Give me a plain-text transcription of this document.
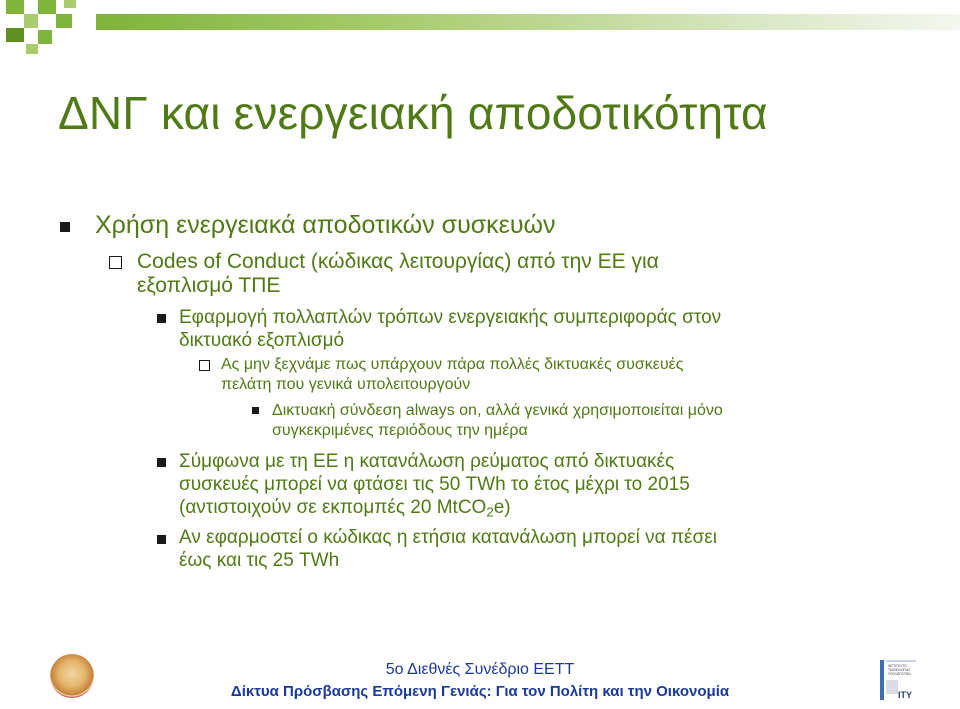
ΔΝΓ και ενεργειακή αποδοτικότητα
Χρήση ενεργειακά αποδοτικών συσκευών
Codes of Conduct (κώδικας λειτουργίας) από την ΕΕ για
εξοπλισμό ΤΠΕ
Εφαρμογή πολλαπλών τρόπων ενεργειακής συμπεριφοράς στον
δικτυακό εξοπλισμό
Ας μην ξεχνάμε πως υπάρχουν πάρα πολλές δικτυακές συσκευές
πελάτη που γενικά υπολειτουργούν
Δικτυακή σύνδεση always on, αλλά γενικά χρησιμοποιείται μόνο
συγκεκριμένες περιόδους την ημέρα
Σύμφωνα με τη ΕΕ η κατανάλωση ρεύματος από δικτυακές
συσκευές μπορεί να φτάσει τις 50 TWh το έτος μέχρι το 2015
(αντιστοιχούν σε εκπομπές 20 MtCO$_2$e)
Αν εφαρμοστεί ο κώδικας η ετήσια κατανάλωση μπορεί να πέσει
έως και τις 25 TWh
ΙΝΣΤΙΤΟΥΤΟ
ΤΕΧΝΟΛΟΓΙΑΣ
ΥΠΟΛΟΓΙΣΤΩΝ
ITY
5ο Διεθνές Συνέδριο ΕΕΤΤ
Δίκτυα Πρόσβασης Επόμενη Γενιάς: Για τον Πολίτη και την Οικονομία
